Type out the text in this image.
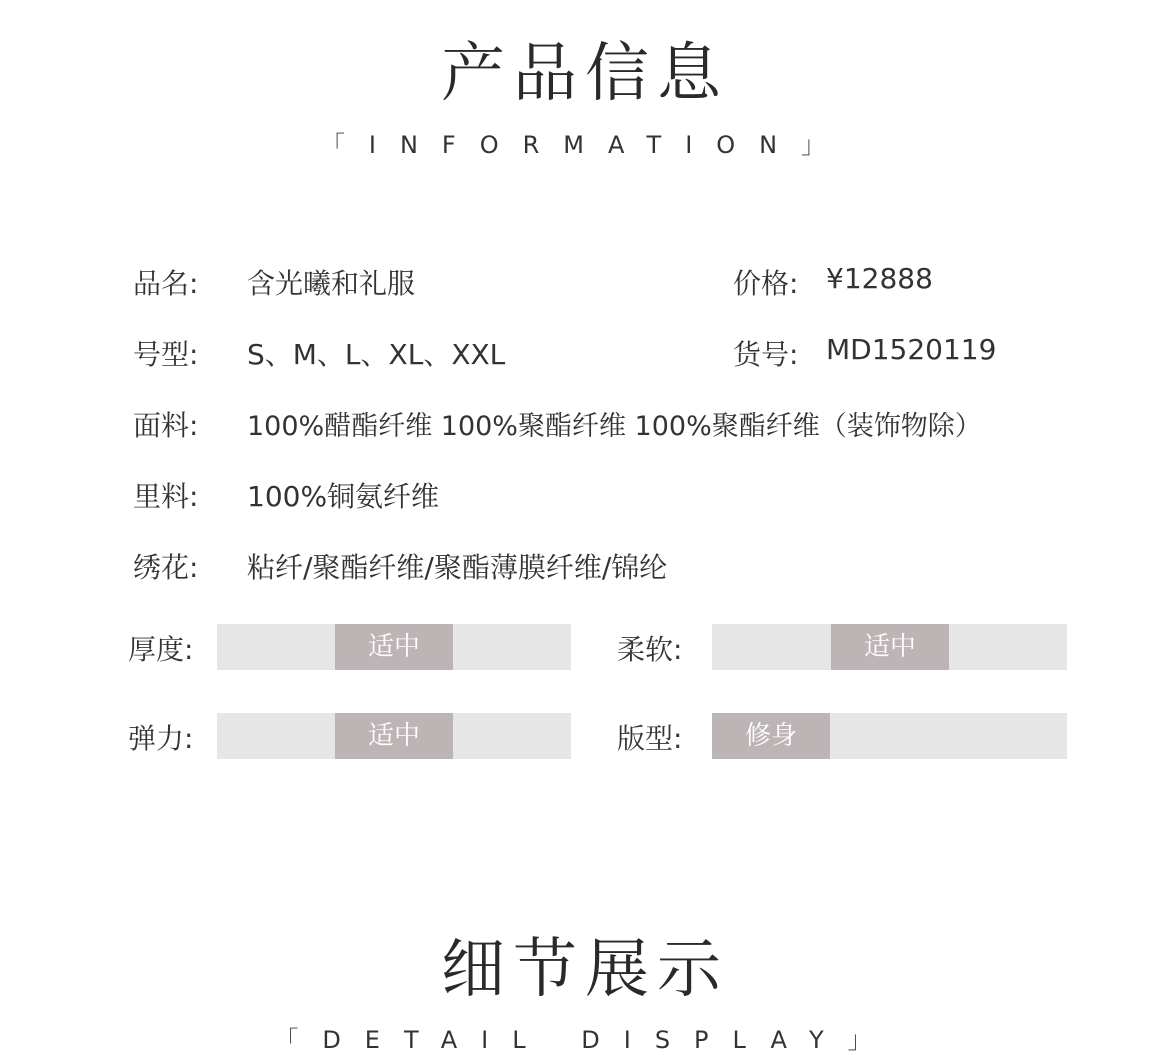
产品信息
「INFORMATION」
品名: 含光曦和礼服	价格: ¥12888
号型: S、M、L、XL、XXL	货号: MD1520119
面料: 100%醋酯纤维 100%聚酯纤维 100%聚酯纤维（装饰物除）
里料: 100%铜氨纤维
绣花: 粘纤/聚酯纤维/聚酯薄膜纤维/锦纶
厚度:	适中	柔软:	适中
弹力:	适中	版型:	修身
细节展示
「DETAIL DISPLAY」
